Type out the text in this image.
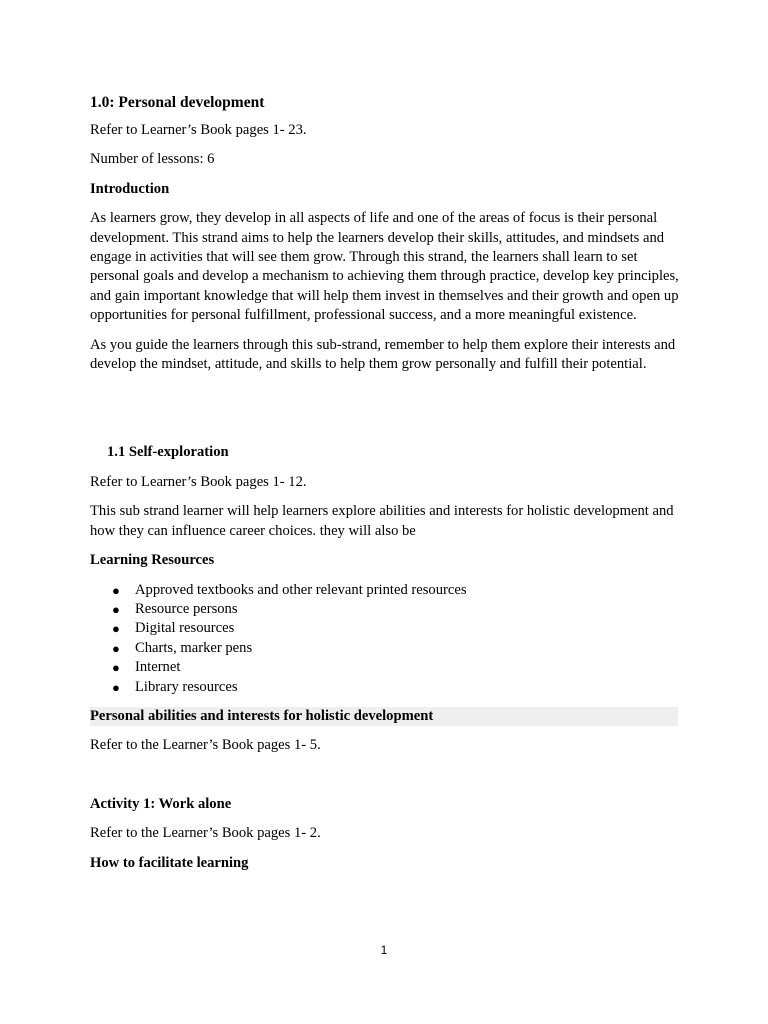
1.0: Personal development

Refer to Learner’s Book pages 1- 23.

Number of lessons: 6

Introduction

As learners grow, they develop in all aspects of life and one of the areas of focus is their personal development. This strand aims to help the learners develop their skills, attitudes, and mindsets and engage in activities that will see them grow. Through this strand, the learners shall learn to set personal goals and develop a mechanism to achieving them through practice, develop key principles, and gain important knowledge that will help them invest in themselves and their growth and open up opportunities for personal fulfillment, professional success, and a more meaningful existence.

As you guide the learners through this sub-strand, remember to help them explore their interests and develop the mindset, attitude, and skills to help them grow personally and fulfill their potential.

1.1 Self-exploration

Refer to Learner’s Book pages 1- 12.

This sub strand learner will help learners explore abilities and interests for holistic development and how they can influence career choices. they will also be

Learning Resources

● Approved textbooks and other relevant printed resources
● Resource persons
● Digital resources
● Charts, marker pens
● Internet
● Library resources
Personal abilities and interests for holistic development

Refer to the Learner’s Book pages 1- 5.

Activity 1: Work alone

Refer to the Learner’s Book pages 1- 2.

How to facilitate learning

1
